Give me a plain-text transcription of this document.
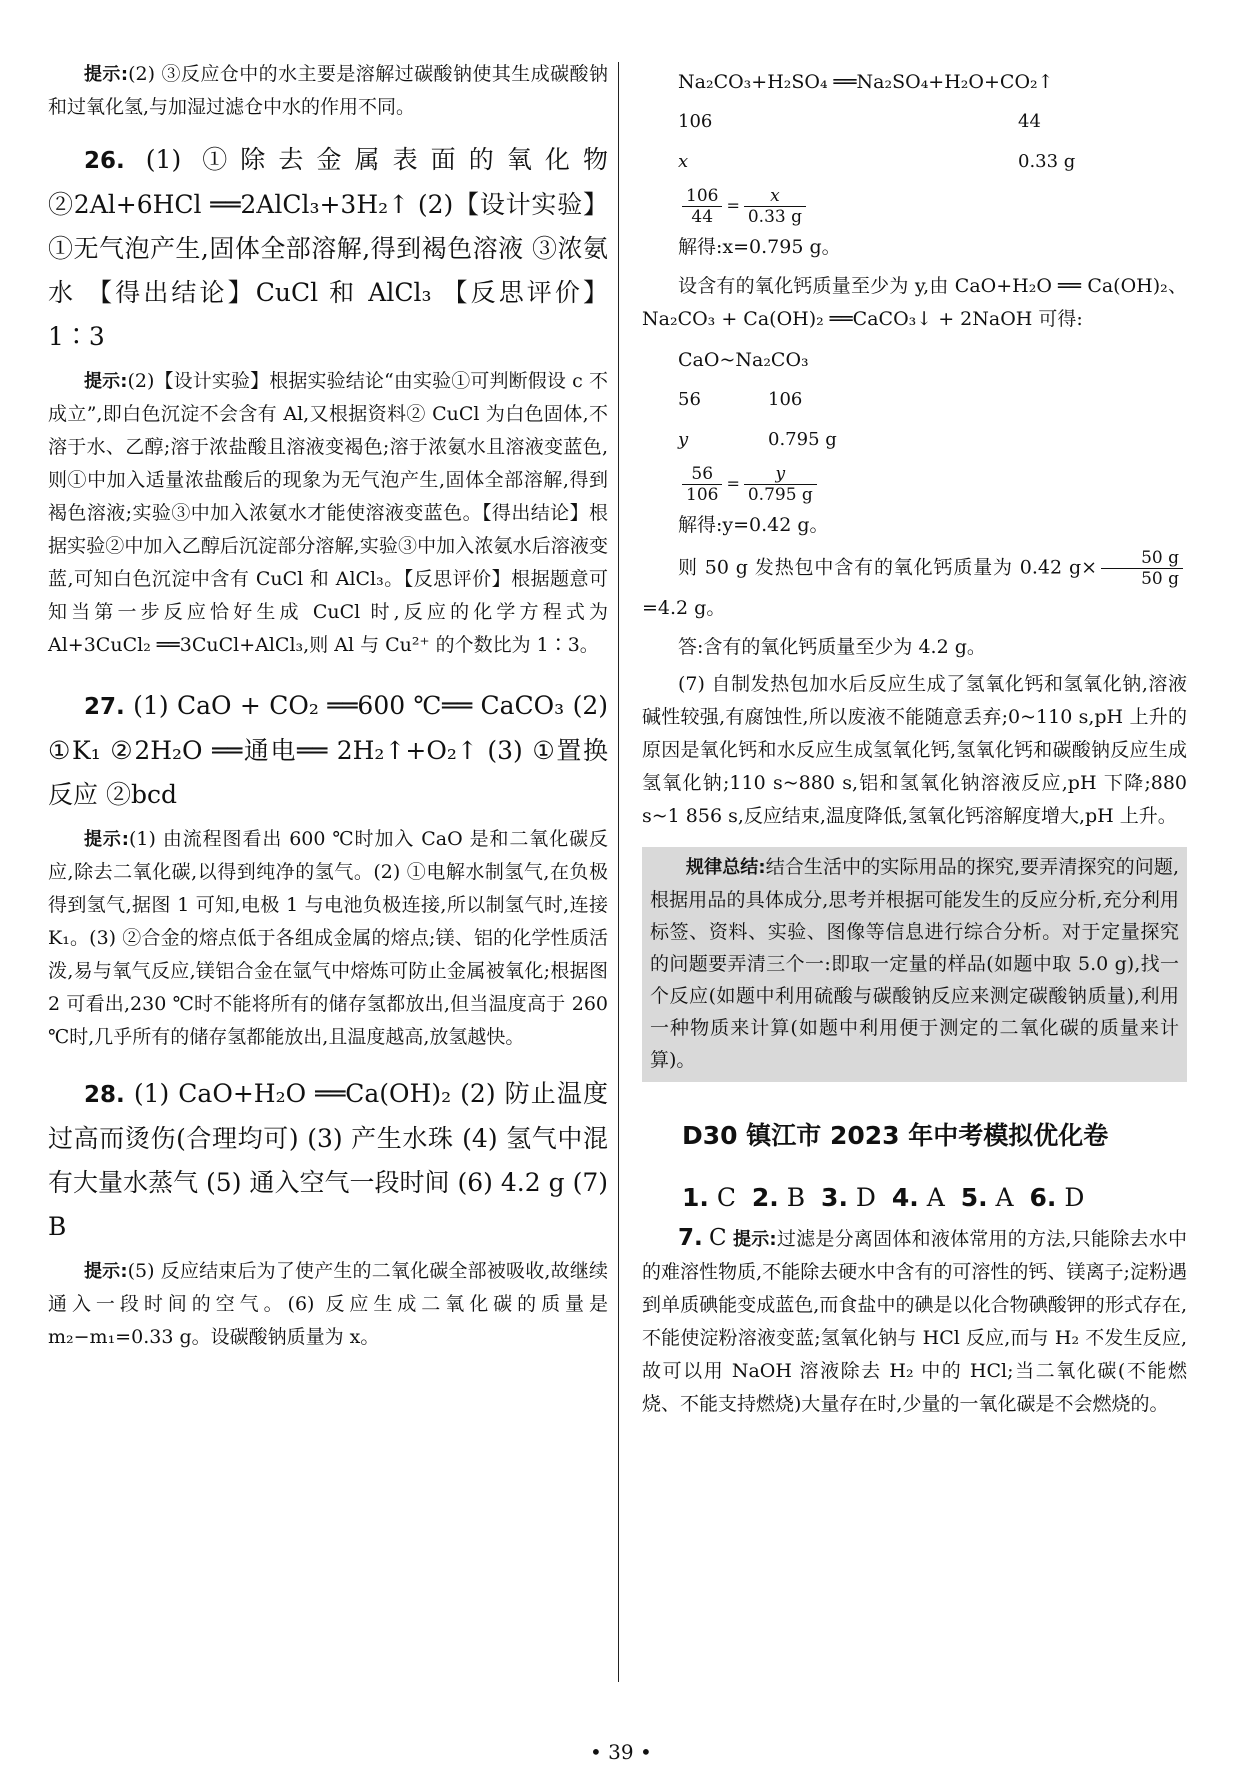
提示:(2) ③反应仓中的水主要是溶解过碳酸钠使其生成碳酸钠和过氧化氢,与加湿过滤仓中水的作用不同。

26. (1) ①除去金属表面的氧化物 ②2Al+6HCl ══2AlCl₃+3H₂↑ (2)【设计实验】①无气泡产生,固体全部溶解,得到褐色溶液 ③浓氨水 【得出结论】CuCl 和 AlCl₃ 【反思评价】1∶3

提示:(2)【设计实验】根据实验结论“由实验①可判断假设 c 不成立”,即白色沉淀不会含有 Al,又根据资料② CuCl 为白色固体,不溶于水、乙醇;溶于浓盐酸且溶液变褐色;溶于浓氨水且溶液变蓝色,则①中加入适量浓盐酸后的现象为无气泡产生,固体全部溶解,得到褐色溶液;实验③中加入浓氨水才能使溶液变蓝色。【得出结论】根据实验②中加入乙醇后沉淀部分溶解,实验③中加入浓氨水后溶液变蓝,可知白色沉淀中含有 CuCl 和 AlCl₃。【反思评价】根据题意可知当第一步反应恰好生成 CuCl 时,反应的化学方程式为 Al+3CuCl₂ ══3CuCl+AlCl₃,则 Al 与 Cu²⁺ 的个数比为 1∶3。

27. (1) CaO + CO₂ ══600 ℃══ CaCO₃ (2) ①K₁ ②2H₂O ══通电══ 2H₂↑+O₂↑ (3) ①置换反应 ②bcd

提示:(1) 由流程图看出 600 ℃时加入 CaO 是和二氧化碳反应,除去二氧化碳,以得到纯净的氢气。(2) ①电解水制氢气,在负极得到氢气,据图 1 可知,电极 1 与电池负极连接,所以制氢气时,连接 K₁。(3) ②合金的熔点低于各组成金属的熔点;镁、铝的化学性质活泼,易与氧气反应,镁铝合金在氩气中熔炼可防止金属被氧化;根据图 2 可看出,230 ℃时不能将所有的储存氢都放出,但当温度高于 260 ℃时,几乎所有的储存氢都能放出,且温度越高,放氢越快。

28. (1) CaO+H₂O ══Ca(OH)₂ (2) 防止温度过高而烫伤(合理均可) (3) 产生水珠 (4) 氢气中混有大量水蒸气 (5) 通入空气一段时间 (6) 4.2 g (7) B

提示:(5) 反应结束后为了使产生的二氧化碳全部被吸收,故继续通入一段时间的空气。(6) 反应生成二氧化碳的质量是 m₂−m₁=0.33 g。设碳酸钠质量为 x。

Na₂CO₃+H₂SO₄ ══Na₂SO₄+H₂O+CO₂↑
106	44
x	0.33 g
$\frac{106}{44} = \frac{x}{0.33 g}$

解得:x=0.795 g。

设含有的氧化钙质量至少为 y,由 CaO+H₂O ══ Ca(OH)₂、Na₂CO₃ + Ca(OH)₂ ══CaCO₃↓ + 2NaOH 可得:

CaO~Na₂CO₃
56	106
y	0.795 g
$\frac{56}{106} = \frac{y}{0.795 g}$

解得:y=0.42 g。

则 50 g 发热包中含有的氧化钙质量为 0.42 $g\times \frac{50 g}{50 g}$
=4.2 g。

答:含有的氧化钙质量至少为 4.2 g。

(7) 自制发热包加水后反应生成了氢氧化钙和氢氧化钠,溶液碱性较强,有腐蚀性,所以废液不能随意丢弃;0~110 s,pH 上升的原因是氧化钙和水反应生成氢氧化钙,氢氧化钙和碳酸钠反应生成氢氧化钠;110 s~880 s,铝和氢氧化钠溶液反应,pH 下降;880 s~1 856 s,反应结束,温度降低,氢氧化钙溶解度增大,pH 上升。

规律总结:结合生活中的实际用品的探究,要弄清探究的问题,根据用品的具体成分,思考并根据可能发生的反应分析,充分利用标签、资料、实验、图像等信息进行综合分析。对于定量探究的问题要弄清三个一:即取一定量的样品(如题中取 5.0 g),找一个反应(如题中利用硫酸与碳酸钠反应来测定碳酸钠质量),利用一种物质来计算(如题中利用便于测定的二氧化碳的质量来计算)。

D30 镇江市 2023 年中考模拟优化卷
1. C 2. B 3. D 4. A 5. A 6. D

7. C 提示:过滤是分离固体和液体常用的方法,只能除去水中的难溶性物质,不能除去硬水中含有的可溶性的钙、镁离子;淀粉遇到单质碘能变成蓝色,而食盐中的碘是以化合物碘酸钾的形式存在,不能使淀粉溶液变蓝;氢氧化钠与 HCl 反应,而与 H₂ 不发生反应,故可以用 NaOH 溶液除去 H₂ 中的 HCl;当二氧化碳(不能燃烧、不能支持燃烧)大量存在时,少量的一氧化碳是不会燃烧的。

• 39 •
